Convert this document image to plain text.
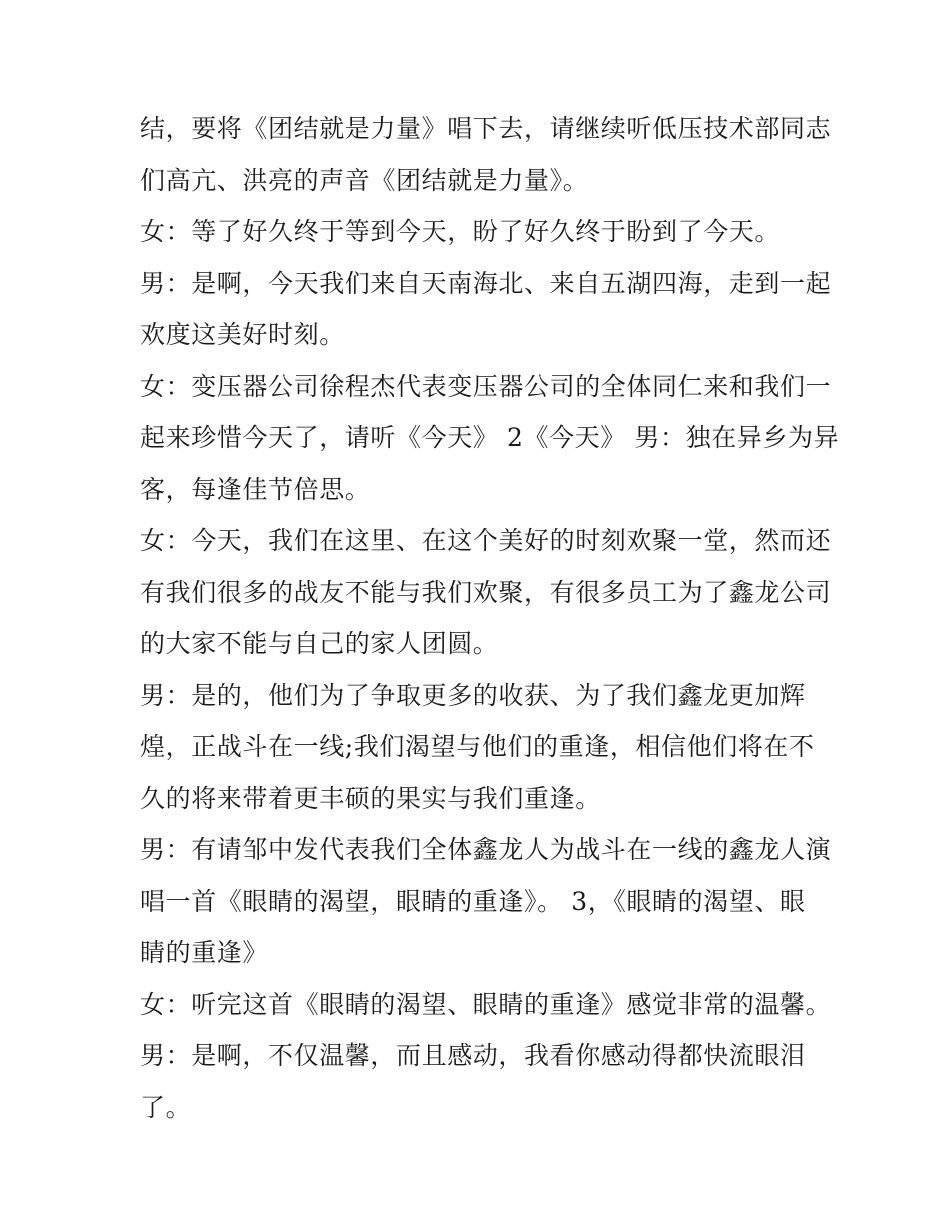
结，要将《团结就是力量》唱下去，请继续听低压技术部同志
们高亢、洪亮的声音《团结就是力量》。
女：等了好久终于等到今天，盼了好久终于盼到了今天。
男：是啊，今天我们来自天南海北、来自五湖四海，走到一起
欢度这美好时刻。
女：变压器公司徐程杰代表变压器公司的全体同仁来和我们一
起来珍惜今天了，请听《今天》 2《今天》 男：独在异乡为异
客，每逢佳节倍思。
女：今天，我们在这里、在这个美好的时刻欢聚一堂，然而还
有我们很多的战友不能与我们欢聚，有很多员工为了鑫龙公司
的大家不能与自己的家人团圆。
男：是的，他们为了争取更多的收获、为了我们鑫龙更加辉
煌，正战斗在一线;我们渴望与他们的重逢，相信他们将在不
久的将来带着更丰硕的果实与我们重逢。
男：有请邹中发代表我们全体鑫龙人为战斗在一线的鑫龙人演
唱一首《眼睛的渴望，眼睛的重逢》。 3，《眼睛的渴望、眼
睛的重逢》
女：听完这首《眼睛的渴望、眼睛的重逢》感觉非常的温馨。
男：是啊，不仅温馨，而且感动，我看你感动得都快流眼泪
了。
